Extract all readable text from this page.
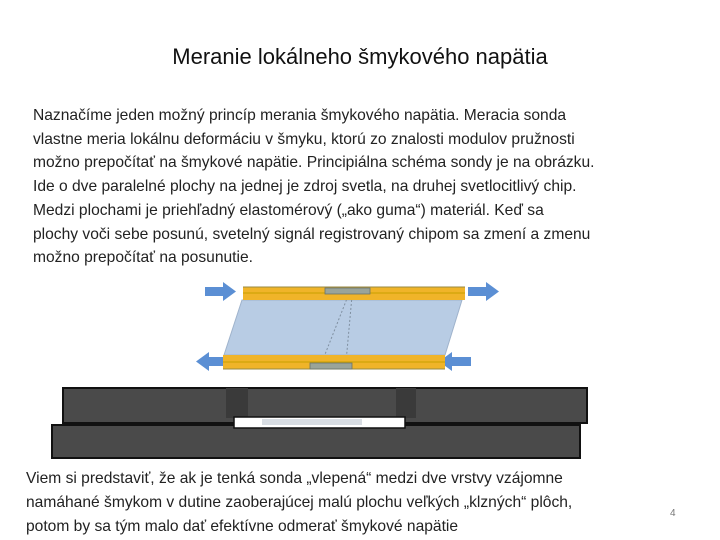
Meranie lokálneho šmykového napätia
Naznačíme jeden možný princíp merania šmykového napätia. Meracia sonda
vlastne meria lokálnu deformáciu v šmyku, ktorú zo znalosti modulov pružnosti
možno prepočítať na šmykové napätie. Principiálna schéma sondy je na obrázku.
Ide o dve paralelné plochy na jednej je zdroj svetla, na druhej svetlocitlivý chip.
Medzi plochami je priehľadný elastomérový („ako guma“) materiál. Keď sa
plochy voči sebe posunú, svetelný signál registrovaný chipom sa zmení a zmenu
možno prepočítať na posunutie.
Viem si predstaviť, že ak je tenká sonda „vlepená“ medzi dve vrstvy vzájomne
namáhané šmykom v dutine zaoberajúcej malú plochu veľkých „klzných“ plôch,
potom by sa tým malo dať efektívne odmerať šmykové napätie
4
